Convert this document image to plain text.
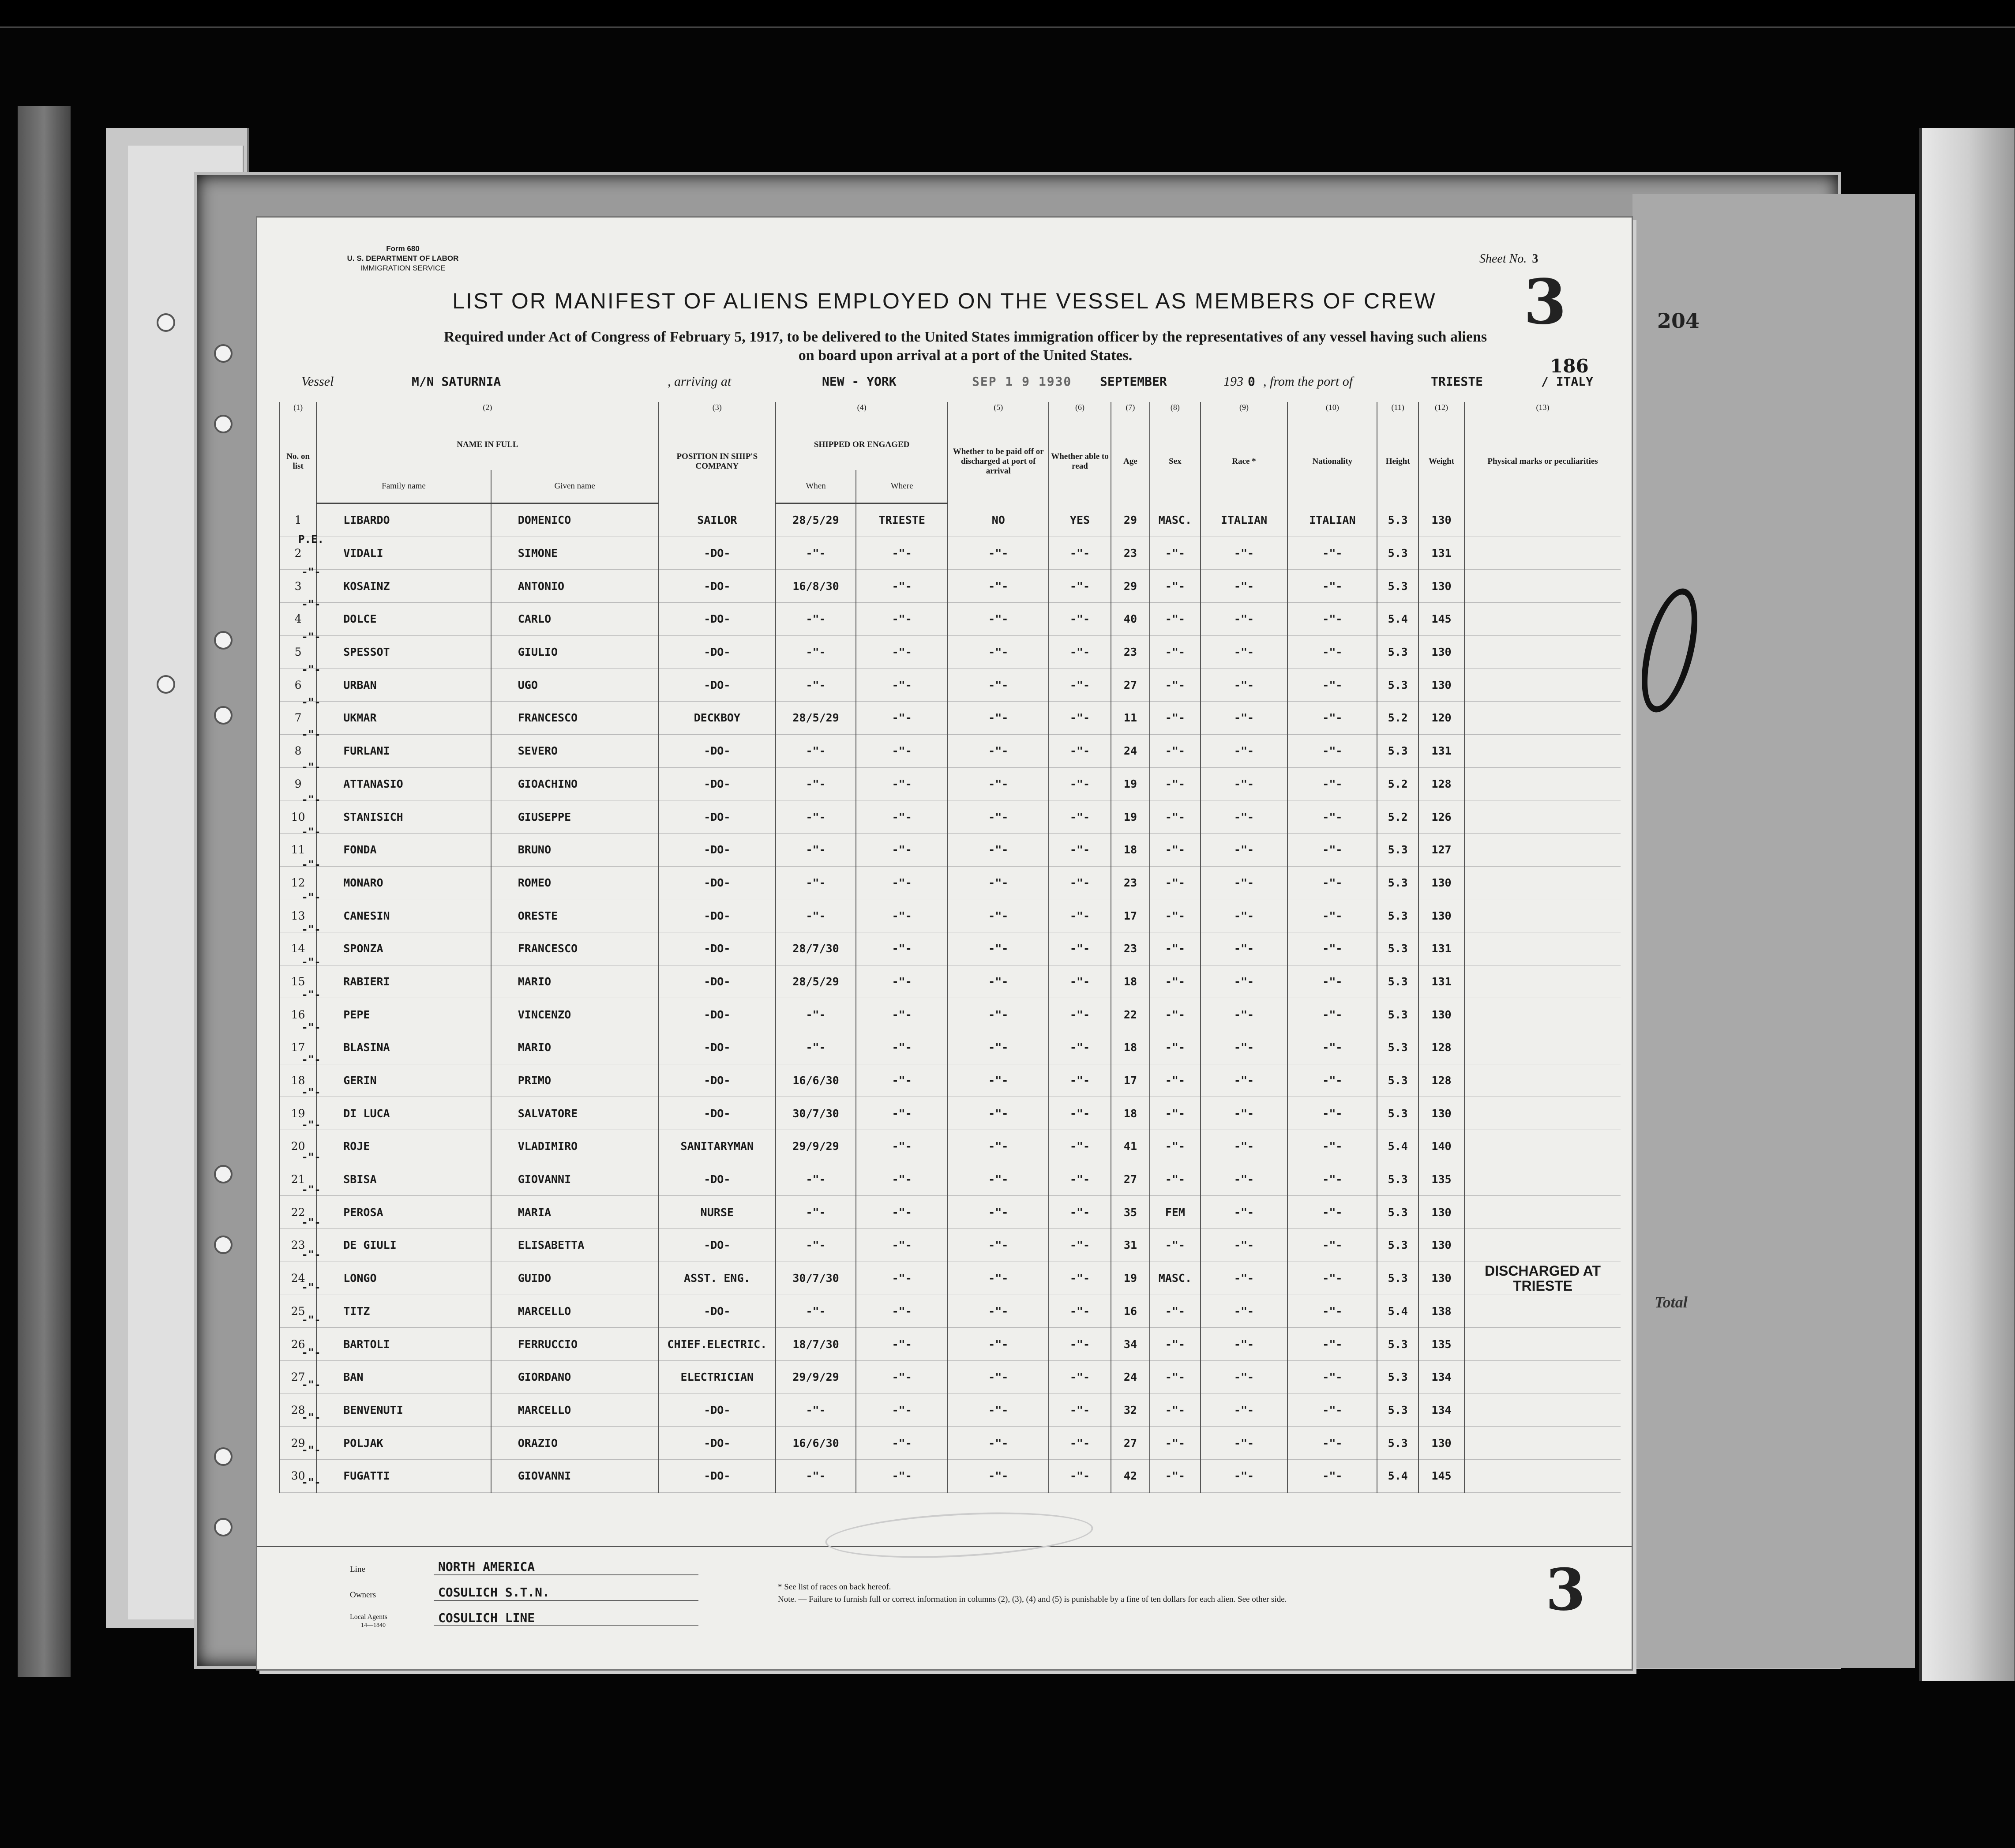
204
Total
Form 680
U. S. DEPARTMENT OF LABOR
IMMIGRATION SERVICE
Sheet No. 3
3
LIST OR MANIFEST OF ALIENS EMPLOYED ON THE VESSEL AS MEMBERS OF CREW
Required under Act of Congress of February 5, 1917, to be delivered to the United States immigration officer by the representatives of any vessel having such aliens
on board upon arrival at a port of the United States.	186
Vessel	M/N SATURNIA	, arriving at	NEW - YORK	SEP 1 9 1930 SEPTEMBER	193 0 , from the port of	TRIESTE	/ ITALY
(1)	(2)		(3)	(4)		(5)	(6)	(7)	(8)	(9)	(10)	(11)	(12)	(13)
No. on list	NAME IN FULL		POSITION IN SHIP'S COMPANY	SHIPPED OR ENGAGED		Whether to be paid off or discharged at port of arrival	Whether able to read	Age	Sex	Race *	Nationality	Height	Weight	Physical marks or peculiarities
	Family name	Given name		When	Where									
1	LIBARDO	DOMENICO	SAILOR	28/5/29	TRIESTE	NO	YES	29	MASC.	ITALIAN	ITALIAN	5.3	130	
2	VIDALI	SIMONE	-DO-	-"-	-"-	-"-	-"-	23	-"-	-"-	-"-	5.3	131	
3	KOSAINZ	ANTONIO	-DO-	16/8/30	-"-	-"-	-"-	29	-"-	-"-	-"-	5.3	130	
4	DOLCE	CARLO	-DO-	-"-	-"-	-"-	-"-	40	-"-	-"-	-"-	5.4	145	
5	SPESSOT	GIULIO	-DO-	-"-	-"-	-"-	-"-	23	-"-	-"-	-"-	5.3	130	
6	URBAN	UGO	-DO-	-"-	-"-	-"-	-"-	27	-"-	-"-	-"-	5.3	130	
7	UKMAR	FRANCESCO	DECKBOY	28/5/29	-"-	-"-	-"-	11	-"-	-"-	-"-	5.2	120	
8	FURLANI	SEVERO	-DO-	-"-	-"-	-"-	-"-	24	-"-	-"-	-"-	5.3	131	
9	ATTANASIO	GIOACHINO	-DO-	-"-	-"-	-"-	-"-	19	-"-	-"-	-"-	5.2	128	
10	STANISICH	GIUSEPPE	-DO-	-"-	-"-	-"-	-"-	19	-"-	-"-	-"-	5.2	126	
11	FONDA	BRUNO	-DO-	-"-	-"-	-"-	-"-	18	-"-	-"-	-"-	5.3	127	
12	MONARO	ROMEO	-DO-	-"-	-"-	-"-	-"-	23	-"-	-"-	-"-	5.3	130	
13	CANESIN	ORESTE	-DO-	-"-	-"-	-"-	-"-	17	-"-	-"-	-"-	5.3	130	
14	SPONZA	FRANCESCO	-DO-	28/7/30	-"-	-"-	-"-	23	-"-	-"-	-"-	5.3	131	
15	RABIERI	MARIO	-DO-	28/5/29	-"-	-"-	-"-	18	-"-	-"-	-"-	5.3	131	
16	PEPE	VINCENZO	-DO-	-"-	-"-	-"-	-"-	22	-"-	-"-	-"-	5.3	130	
17	BLASINA	MARIO	-DO-	-"-	-"-	-"-	-"-	18	-"-	-"-	-"-	5.3	128	
18	GERIN	PRIMO	-DO-	16/6/30	-"-	-"-	-"-	17	-"-	-"-	-"-	5.3	128	
19	DI LUCA	SALVATORE	-DO-	30/7/30	-"-	-"-	-"-	18	-"-	-"-	-"-	5.3	130	
20	ROJE	VLADIMIRO	SANITARYMAN	29/9/29	-"-	-"-	-"-	41	-"-	-"-	-"-	5.4	140	
21	SBISA	GIOVANNI	-DO-	-"-	-"-	-"-	-"-	27	-"-	-"-	-"-	5.3	135	
22	PEROSA	MARIA	NURSE	-"-	-"-	-"-	-"-	35	FEM	-"-	-"-	5.3	130	
23	DE GIULI	ELISABETTA	-DO-	-"-	-"-	-"-	-"-	31	-"-	-"-	-"-	5.3	130	
24	LONGO	GUIDO	ASST. ENG.	30/7/30	-"-	-"-	-"-	19	MASC.	-"-	-"-	5.3	130	DISCHARGED AT TRIESTE
25	TITZ	MARCELLO	-DO-	-"-	-"-	-"-	-"-	16	-"-	-"-	-"-	5.4	138	
26	BARTOLI	FERRUCCIO	CHIEF.ELECTRIC.	18/7/30	-"-	-"-	-"-	34	-"-	-"-	-"-	5.3	135	
27	BAN	GIORDANO	ELECTRICIAN	29/9/29	-"-	-"-	-"-	24	-"-	-"-	-"-	5.3	134	
28	BENVENUTI	MARCELLO	-DO-	-"-	-"-	-"-	-"-	32	-"-	-"-	-"-	5.3	134	
29	POLJAK	ORAZIO	-DO-	16/6/30	-"-	-"-	-"-	27	-"-	-"-	-"-	5.3	130	
30	FUGATTI	GIOVANNI	-DO-	-"-	-"-	-"-	-"-	42	-"-	-"-	-"-	5.4	145	
Line	NORTH AMERICA
Owners	COSULICH S.T.N.
Local Agents
14—1840
COSULICH LINE
* See list of races on back hereof.
Note. — Failure to furnish full or correct information in columns (2), (3), (4) and (5) is punishable by a fine of ten dollars for each alien. See other side.	3
P.E.
-"-
-"-
-"-
-"-
-"-
-"-
-"-
-"-
-"-
-"-
-"-
-"-
-"-
-"-
-"-
-"-
-"-
-"-
-"-
-"-
-"-
-"-
-"-
-"-
-"-
-"-
-"-
-"-
-"-
